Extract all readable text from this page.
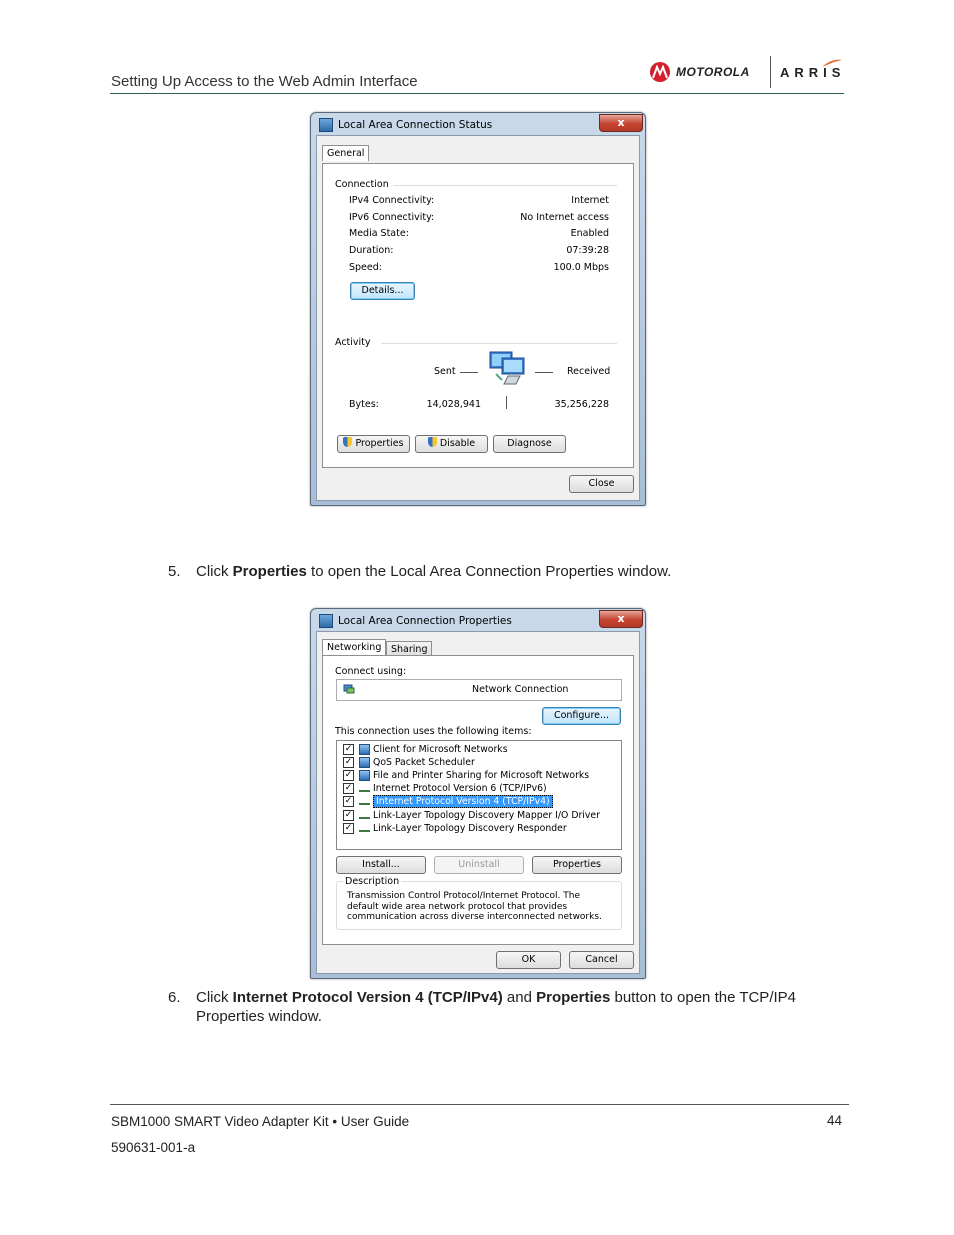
Setting Up Access to the Web Admin Interface
MOTOROLA ARRIS
Local Area Connection Status	x
General
Connection
IPv4 Connectivity:	Internet
IPv6 Connectivity:	No Internet access
Media State:	Enabled
Duration:	07:39:28
Speed:	100.0 Mbps
Details...
Activity
Sent	Received
Bytes:	14,028,941	35,256,228
Properties	Disable	Diagnose
Close
5. Click Properties to open the Local Area Connection Properties window.
Local Area Connection Properties	x
Networking	Sharing
Connect using:
Network Connection
Configure...
This connection uses the following items:
✓ Client for Microsoft Networks
✓ QoS Packet Scheduler
✓ File and Printer Sharing for Microsoft Networks
✓ Internet Protocol Version 6 (TCP/IPv6)
✓	Internet Protocol Version 4 (TCP/IPv4)
✓ Link-Layer Topology Discovery Mapper I/O Driver
✓ Link-Layer Topology Discovery Responder
Install...	Uninstall	Properties
Description
Transmission Control Protocol/Internet Protocol. The default wide area network protocol that provides communication across diverse interconnected networks.
OK	Cancel
6. Click Internet Protocol Version 4 (TCP/IPv4) and Properties button to open the TCP/IP4
Properties window.
SBM1000 SMART Video Adapter Kit • User Guide	44
590631-001-a
